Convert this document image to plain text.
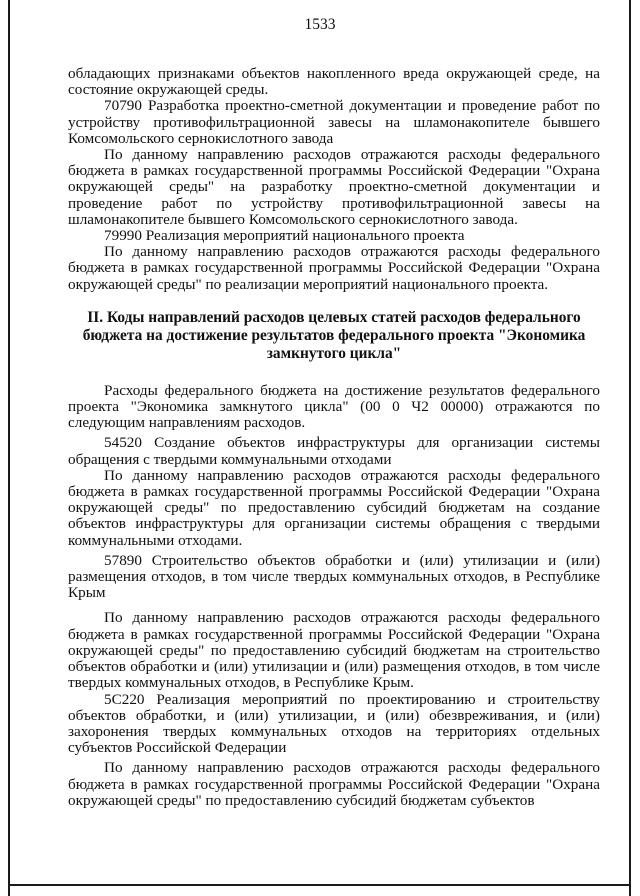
1533

обладающих признаками объектов накопленного вреда окружающей среде, на состояние окружающей среды.

70790 Разработка проектно-сметной документации и проведение работ по устройству противофильтрационной завесы на шламонакопителе бывшего Комсомольского сернокислотного завода

По данному направлению расходов отражаются расходы федерального бюджета в рамках государственной программы Российской Федерации "Охрана окружающей среды" на разработку проектно-сметной документации и проведение работ по устройству противофильтрационной завесы на шламонакопителе бывшего Комсомольского сернокислотного завода.

79990 Реализация мероприятий национального проекта

По данному направлению расходов отражаются расходы федерального бюджета в рамках государственной программы Российской Федерации "Охрана окружающей среды" по реализации мероприятий национального проекта.

II. Коды направлений расходов целевых статей расходов федерального бюджета на достижение результатов федерального проекта "Экономика замкнутого цикла"

Расходы федерального бюджета на достижение результатов федерального проекта "Экономика замкнутого цикла" (00 0 Ч2 00000) отражаются по следующим направлениям расходов.

54520 Создание объектов инфраструктуры для организации системы обращения с твердыми коммунальными отходами

По данному направлению расходов отражаются расходы федерального бюджета в рамках государственной программы Российской Федерации "Охрана окружающей среды" по предоставлению субсидий бюджетам на создание объектов инфраструктуры для организации системы обращения с твердыми коммунальными отходами.

57890 Строительство объектов обработки и (или) утилизации и (или) размещения отходов, в том числе твердых коммунальных отходов, в Республике Крым

По данному направлению расходов отражаются расходы федерального бюджета в рамках государственной программы Российской Федерации "Охрана окружающей среды" по предоставлению субсидий бюджетам на строительство объектов обработки и (или) утилизации и (или) размещения отходов, в том числе твердых коммунальных отходов, в Республике Крым.

5С220 Реализация мероприятий по проектированию и строительству объектов обработки, и (или) утилизации, и (или) обезвреживания, и (или) захоронения твердых коммунальных отходов на территориях отдельных субъектов Российской Федерации

По данному направлению расходов отражаются расходы федерального бюджета в рамках государственной программы Российской Федерации "Охрана окружающей среды" по предоставлению субсидий бюджетам субъектов
